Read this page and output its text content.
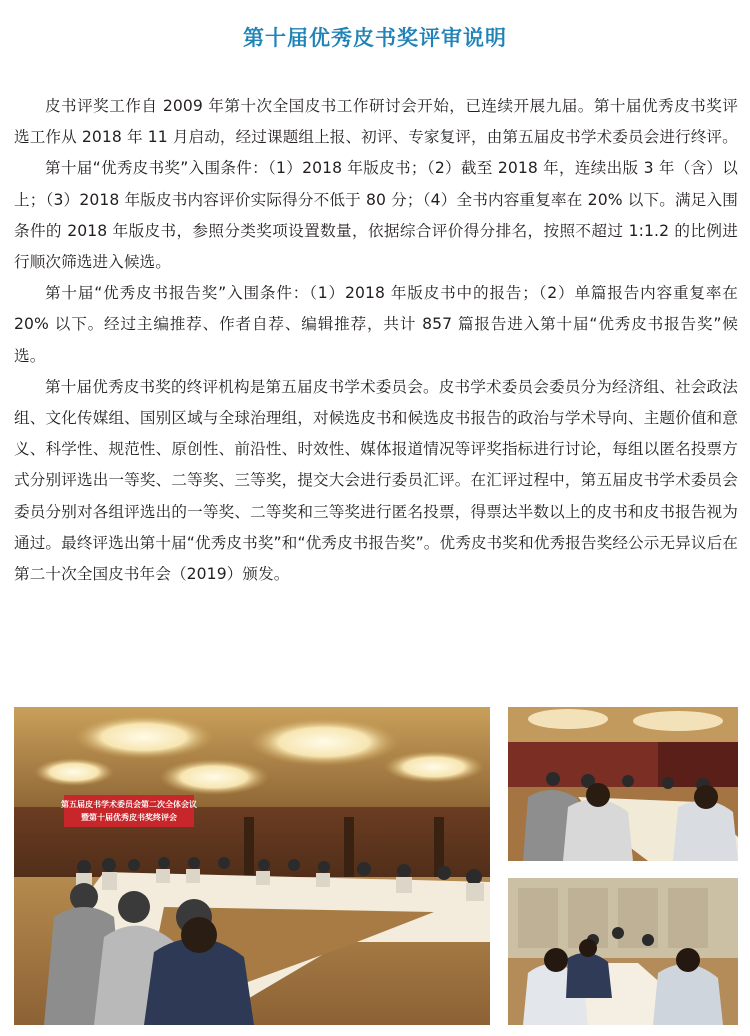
第十届优秀皮书奖评审说明

皮书评奖工作自 2009 年第十次全国皮书工作研讨会开始，已连续开展九届。第十届优秀皮书奖评选工作从 2018 年 11 月启动，经过课题组上报、初评、专家复评，由第五届皮书学术委员会进行终评。

第十届“优秀皮书奖”入围条件：（1）2018 年版皮书；（2）截至 2018 年，连续出版 3 年（含）以上；（3）2018 年版皮书内容评价实际得分不低于 80 分；（4）全书内容重复率在 20% 以下。满足入围条件的 2018 年版皮书，参照分类奖项设置数量，依据综合评价得分排名，按照不超过 1:1.2 的比例进行顺次筛选进入候选。

第十届“优秀皮书报告奖”入围条件：（1）2018 年版皮书中的报告；（2）单篇报告内容重复率在 20% 以下。经过主编推荐、作者自荐、编辑推荐，共计 857 篇报告进入第十届“优秀皮书报告奖”候选。

第十届优秀皮书奖的终评机构是第五届皮书学术委员会。皮书学术委员会委员分为经济组、社会政法组、文化传媒组、国别区域与全球治理组，对候选皮书和候选皮书报告的政治与学术导向、主题价值和意义、科学性、规范性、原创性、前沿性、时效性、媒体报道情况等评奖指标进行讨论，每组以匿名投票方式分别评选出一等奖、二等奖、三等奖，提交大会进行委员汇评。在汇评过程中，第五届皮书学术委员会委员分别对各组评选出的一等奖、二等奖和三等奖进行匿名投票，得票达半数以上的皮书和皮书报告视为通过。最终评选出第十届“优秀皮书奖”和“优秀皮书报告奖”。优秀皮书奖和优秀报告奖经公示无异议后在第二十次全国皮书年会（2019）颁发。

第五届皮书学术委员会第二次全体会议
暨第十届优秀皮书奖终评会
